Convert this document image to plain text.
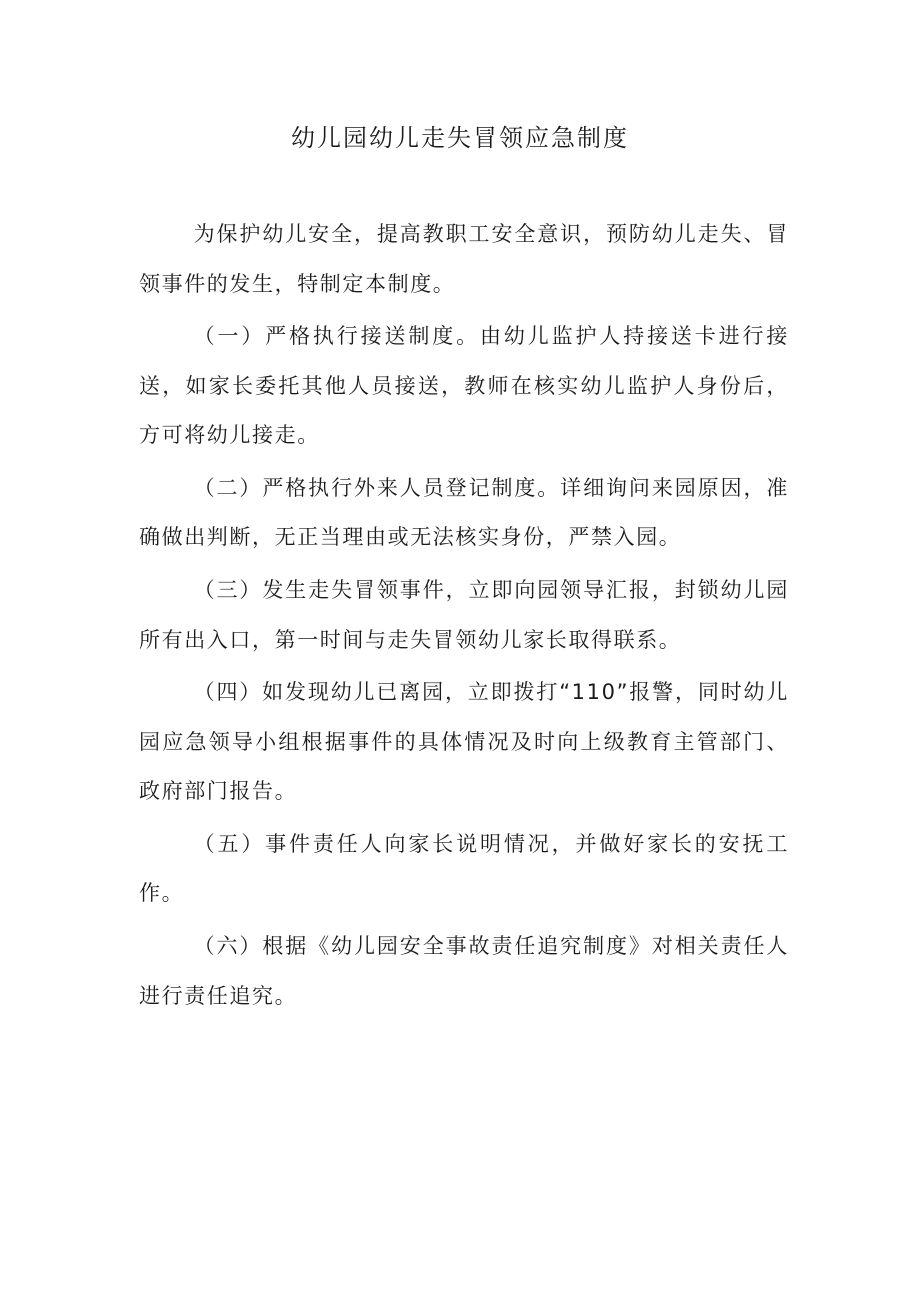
幼儿园幼儿走失冒领应急制度

为保护幼儿安全，提高教职工安全意识，预防幼儿走失、冒领事件的发生，特制定本制度。

（一）严格执行接送制度。由幼儿监护人持接送卡进行接送，如家长委托其他人员接送，教师在核实幼儿监护人身份后，方可将幼儿接走。

（二）严格执行外来人员登记制度。详细询问来园原因，准确做出判断，无正当理由或无法核实身份，严禁入园。

（三）发生走失冒领事件，立即向园领导汇报，封锁幼儿园所有出入口，第一时间与走失冒领幼儿家长取得联系。

（四）如发现幼儿已离园，立即拨打“110”报警，同时幼儿园应急领导小组根据事件的具体情况及时向上级教育主管部门、政府部门报告。

（五）事件责任人向家长说明情况，并做好家长的安抚工作。

（六）根据《幼儿园安全事故责任追究制度》对相关责任人进行责任追究。
